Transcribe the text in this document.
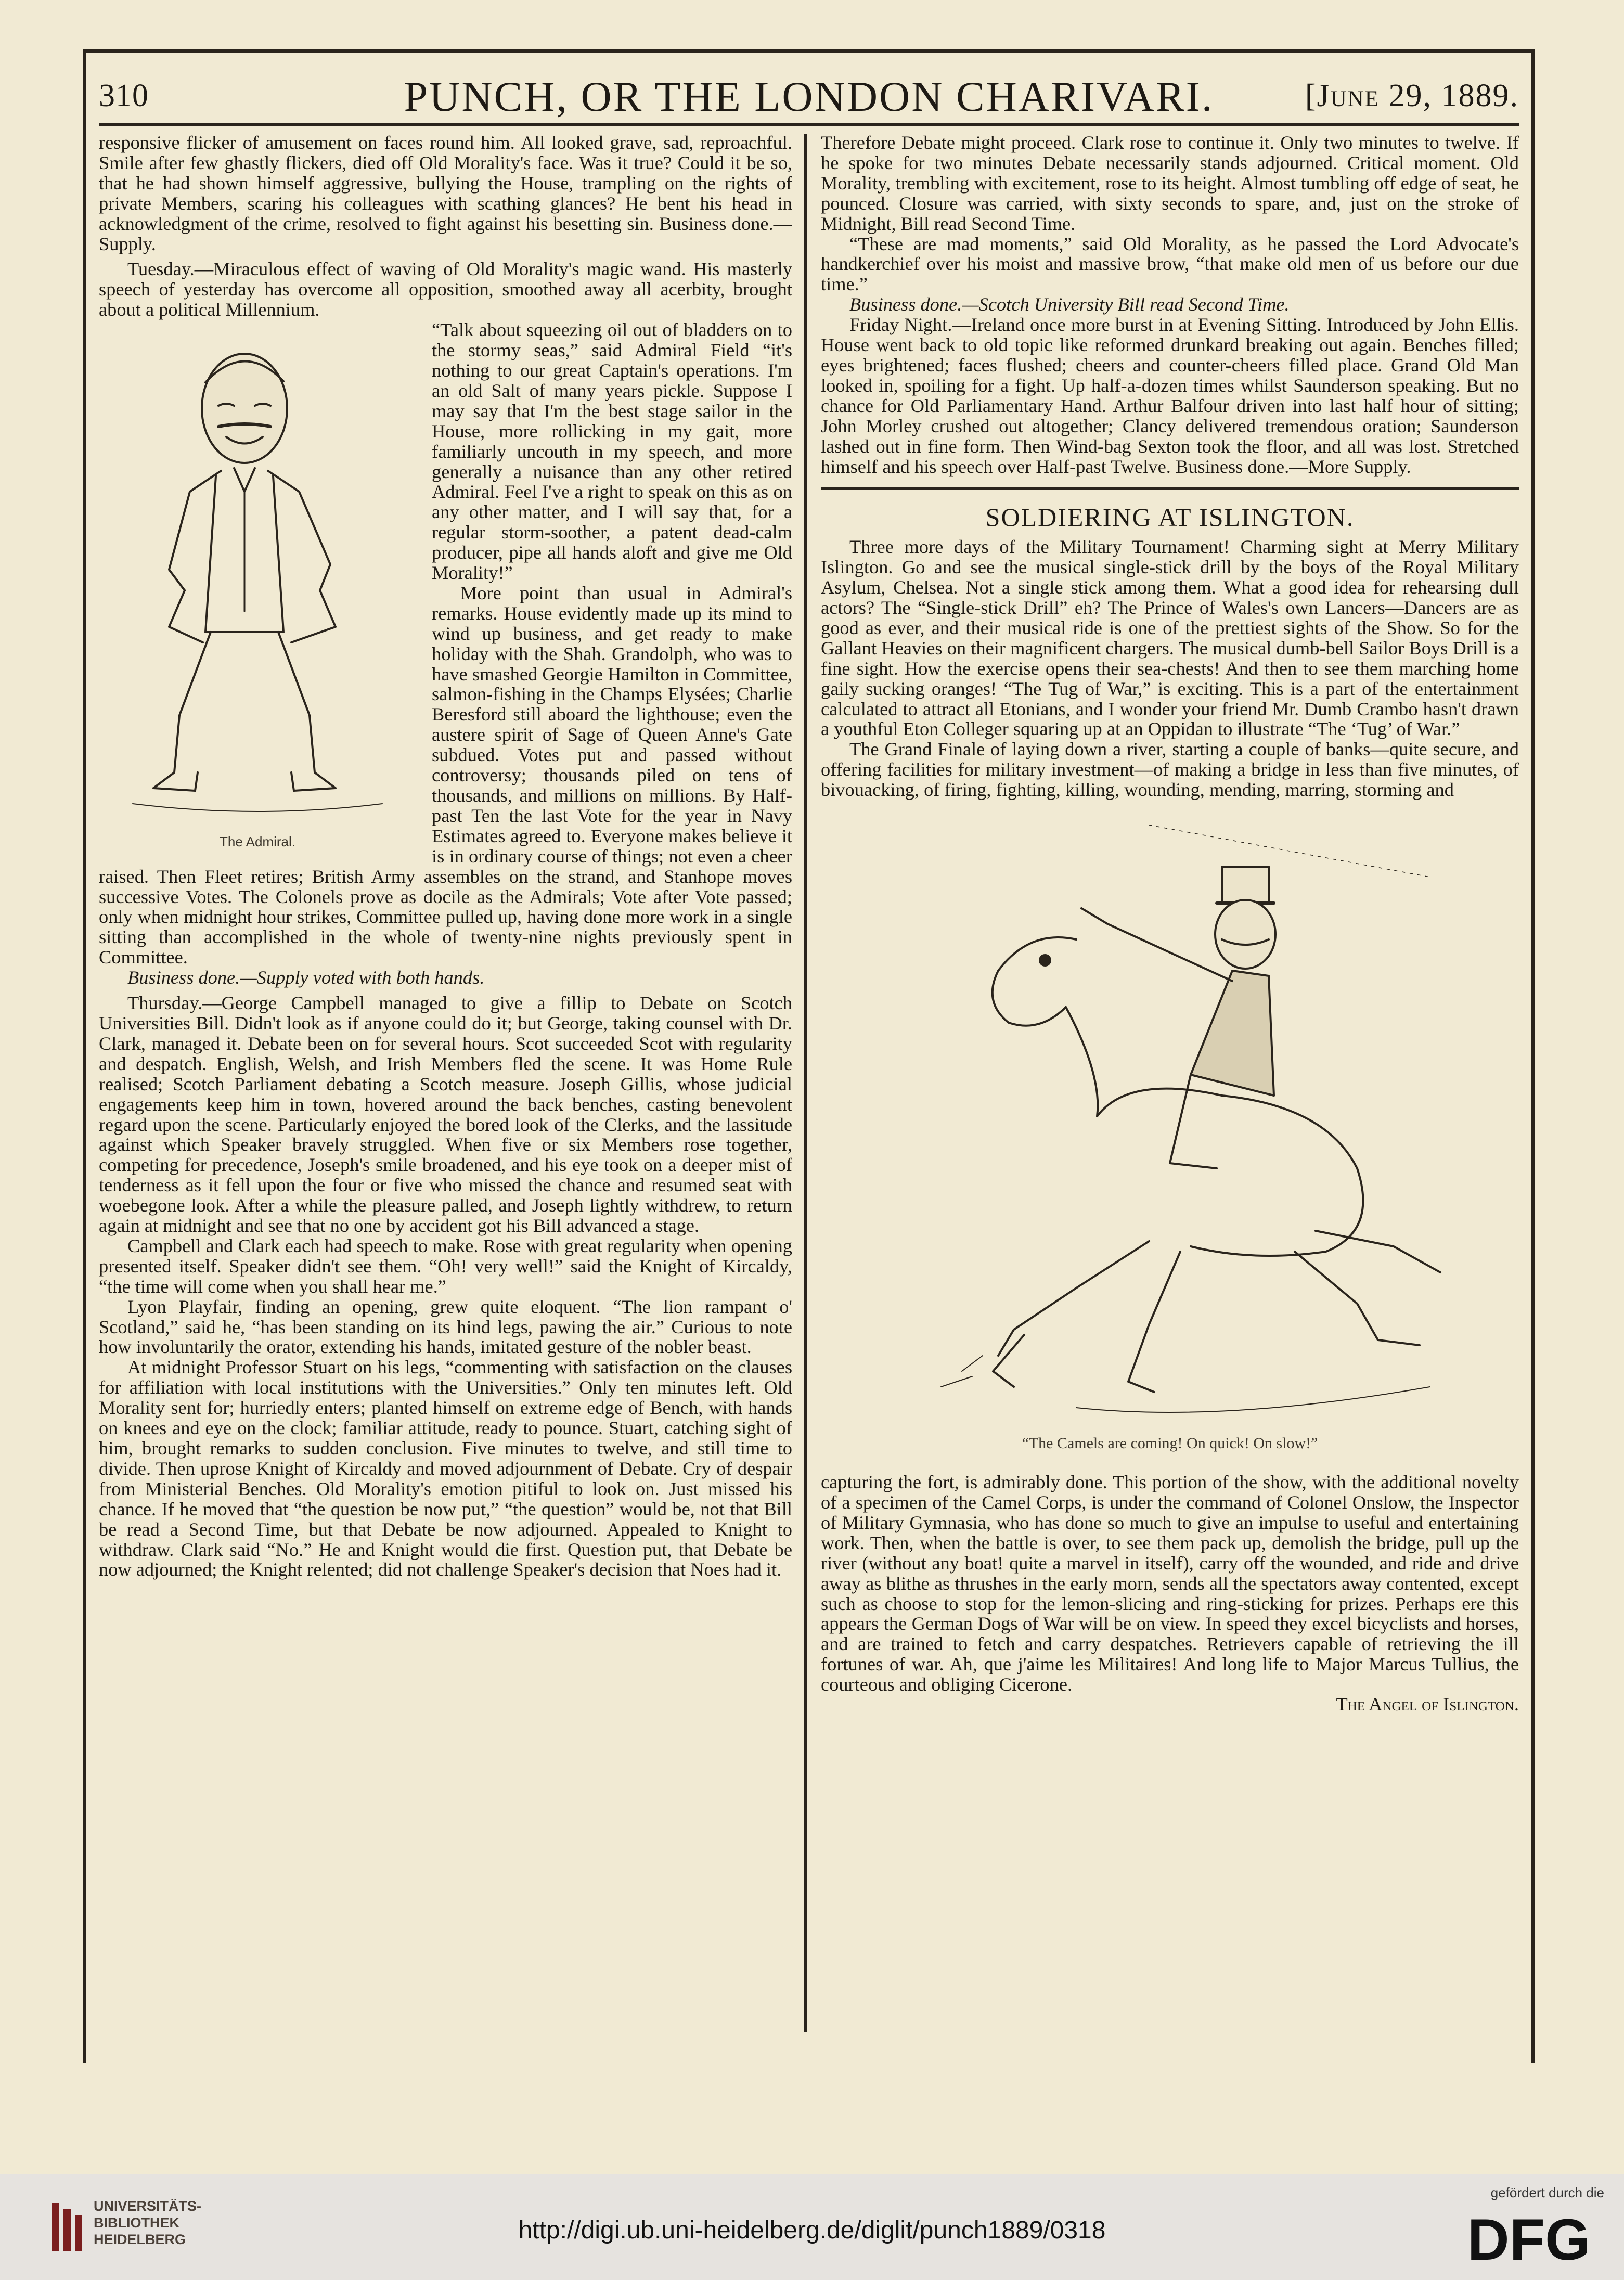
310	PUNCH, OR THE LONDON CHARIVARI.	[June 29, 1889.

responsive flicker of amusement on faces round him. All looked grave, sad, reproachful. Smile after few ghastly flickers, died off Old Morality's face. Was it true? Could it be so, that he had shown himself aggressive, bullying the House, trampling on the rights of private Members, scaring his colleagues with scathing glances? He bent his head in acknowledgment of the crime, resolved to fight against his besetting sin. Business done.—Supply.

Tuesday.—Miraculous effect of waving of Old Morality's magic wand. His masterly speech of yesterday has overcome all opposition, smoothed away all acerbity, brought about a political Millennium.

The Admiral.

“Talk about squeezing oil out of bladders on to the stormy seas,” said Admiral Field “it's nothing to our great Captain's operations. I'm an old Salt of many years pickle. Suppose I may say that I'm the best stage sailor in the House, more rollicking in my gait, more familiarly uncouth in my speech, and more generally a nuisance than any other retired Admiral. Feel I've a right to speak on this as on any other matter, and I will say that, for a regular storm-soother, a patent dead-calm producer, pipe all hands aloft and give me Old Morality!”

More point than usual in Admiral's remarks. House evidently made up its mind to wind up business, and get ready to make holiday with the Shah. Grandolph, who was to have smashed Georgie Hamilton in Committee, salmon-fishing in the Champs Elysées; Charlie Beresford still aboard the lighthouse; even the austere spirit of Sage of Queen Anne's Gate subdued. Votes put and passed without controversy; thousands piled on tens of thousands, and millions on millions. By Half-past Ten the last Vote for the year in Navy Estimates agreed to. Everyone makes believe it is in ordinary course of things; not even a cheer raised. Then Fleet retires; British Army assembles on the strand, and Stanhope moves successive Votes. The Colonels prove as docile as the Admirals; Vote after Vote passed; only when midnight hour strikes, Committee pulled up, having done more work in a single sitting than accomplished in the whole of twenty-nine nights previously spent in Committee.

Business done.—Supply voted with both hands.

Thursday.—George Campbell managed to give a fillip to Debate on Scotch Universities Bill. Didn't look as if anyone could do it; but George, taking counsel with Dr. Clark, managed it. Debate been on for several hours. Scot succeeded Scot with regularity and despatch. English, Welsh, and Irish Members fled the scene. It was Home Rule realised; Scotch Parliament debating a Scotch measure. Joseph Gillis, whose judicial engagements keep him in town, hovered around the back benches, casting benevolent regard upon the scene. Particularly enjoyed the bored look of the Clerks, and the lassitude against which Speaker bravely struggled. When five or six Members rose together, competing for precedence, Joseph's smile broadened, and his eye took on a deeper mist of tenderness as it fell upon the four or five who missed the chance and resumed seat with woebegone look. After a while the pleasure palled, and Joseph lightly withdrew, to return again at midnight and see that no one by accident got his Bill advanced a stage.

Campbell and Clark each had speech to make. Rose with great regularity when opening presented itself. Speaker didn't see them. “Oh! very well!” said the Knight of Kircaldy, “the time will come when you shall hear me.”

Lyon Playfair, finding an opening, grew quite eloquent. “The lion rampant o' Scotland,” said he, “has been standing on its hind legs, pawing the air.” Curious to note how involuntarily the orator, extending his hands, imitated gesture of the nobler beast.

At midnight Professor Stuart on his legs, “commenting with satisfaction on the clauses for affiliation with local institutions with the Universities.” Only ten minutes left. Old Morality sent for; hurriedly enters; planted himself on extreme edge of Bench, with hands on knees and eye on the clock; familiar attitude, ready to pounce. Stuart, catching sight of him, brought remarks to sudden conclusion. Five minutes to twelve, and still time to divide. Then uprose Knight of Kircaldy and moved adjournment of Debate. Cry of despair from Ministerial Benches. Old Morality's emotion pitiful to look on. Just missed his chance. If he moved that “the question be now put,” “the question” would be, not that Bill be read a Second Time, but that Debate be now adjourned. Appealed to Knight to withdraw. Clark said “No.” He and Knight would die first. Question put, that Debate be now adjourned; the Knight relented; did not challenge Speaker's decision that Noes had it.

Therefore Debate might proceed. Clark rose to continue it. Only two minutes to twelve. If he spoke for two minutes Debate necessarily stands adjourned. Critical moment. Old Morality, trembling with excitement, rose to its height. Almost tumbling off edge of seat, he pounced. Closure was carried, with sixty seconds to spare, and, just on the stroke of Midnight, Bill read Second Time.

“These are mad moments,” said Old Morality, as he passed the Lord Advocate's handkerchief over his moist and massive brow, “that make old men of us before our due time.”

Business done.—Scotch University Bill read Second Time.

Friday Night.—Ireland once more burst in at Evening Sitting. Introduced by John Ellis. House went back to old topic like reformed drunkard breaking out again. Benches filled; eyes brightened; faces flushed; cheers and counter-cheers filled place. Grand Old Man looked in, spoiling for a fight. Up half-a-dozen times whilst Saunderson speaking. But no chance for Old Parliamentary Hand. Arthur Balfour driven into last half hour of sitting; John Morley crushed out altogether; Clancy delivered tremendous oration; Saunderson lashed out in fine form. Then Wind-bag Sexton took the floor, and all was lost. Stretched himself and his speech over Half-past Twelve. Business done.—More Supply.

SOLDIERING AT ISLINGTON.

Three more days of the Military Tournament! Charming sight at Merry Military Islington. Go and see the musical single-stick drill by the boys of the Royal Military Asylum, Chelsea. Not a single stick among them. What a good idea for rehearsing dull actors? The “Single-stick Drill” eh? The Prince of Wales's own Lancers—Dancers are as good as ever, and their musical ride is one of the prettiest sights of the Show. So for the Gallant Heavies on their magnificent chargers. The musical dumb-bell Sailor Boys Drill is a fine sight. How the exercise opens their sea-chests! And then to see them marching home gaily sucking oranges! “The Tug of War,” is exciting. This is a part of the entertainment calculated to attract all Etonians, and I wonder your friend Mr. Dumb Crambo hasn't drawn a youthful Eton Colleger squaring up at an Oppidan to illustrate “The ‘Tug’ of War.”

The Grand Finale of laying down a river, starting a couple of banks—quite secure, and offering facilities for military investment—of making a bridge in less than five minutes, of bivouacking, of firing, fighting, killing, wounding, mending, marring, storming and

“The Camels are coming! On quick! On slow!”

capturing the fort, is admirably done. This portion of the show, with the additional novelty of a specimen of the Camel Corps, is under the command of Colonel Onslow, the Inspector of Military Gymnasia, who has done so much to give an impulse to useful and entertaining work. Then, when the battle is over, to see them pack up, demolish the bridge, pull up the river (without any boat! quite a marvel in itself), carry off the wounded, and ride and drive away as blithe as thrushes in the early morn, sends all the spectators away contented, except such as choose to stop for the lemon-slicing and ring-sticking for prizes. Perhaps ere this appears the German Dogs of War will be on view. In speed they excel bicyclists and horses, and are trained to fetch and carry despatches. Retrievers capable of retrieving the ill fortunes of war. Ah, que j'aime les Militaires! And long life to Major Marcus Tullius, the courteous and obliging Cicerone.

The Angel of Islington.
UNIVERSITÄTS-
BIBLIOTHEK
HEIDELBERG	http://digi.ub.uni-heidelberg.de/diglit/punch1889/0318
gefördert durch die
DFG
